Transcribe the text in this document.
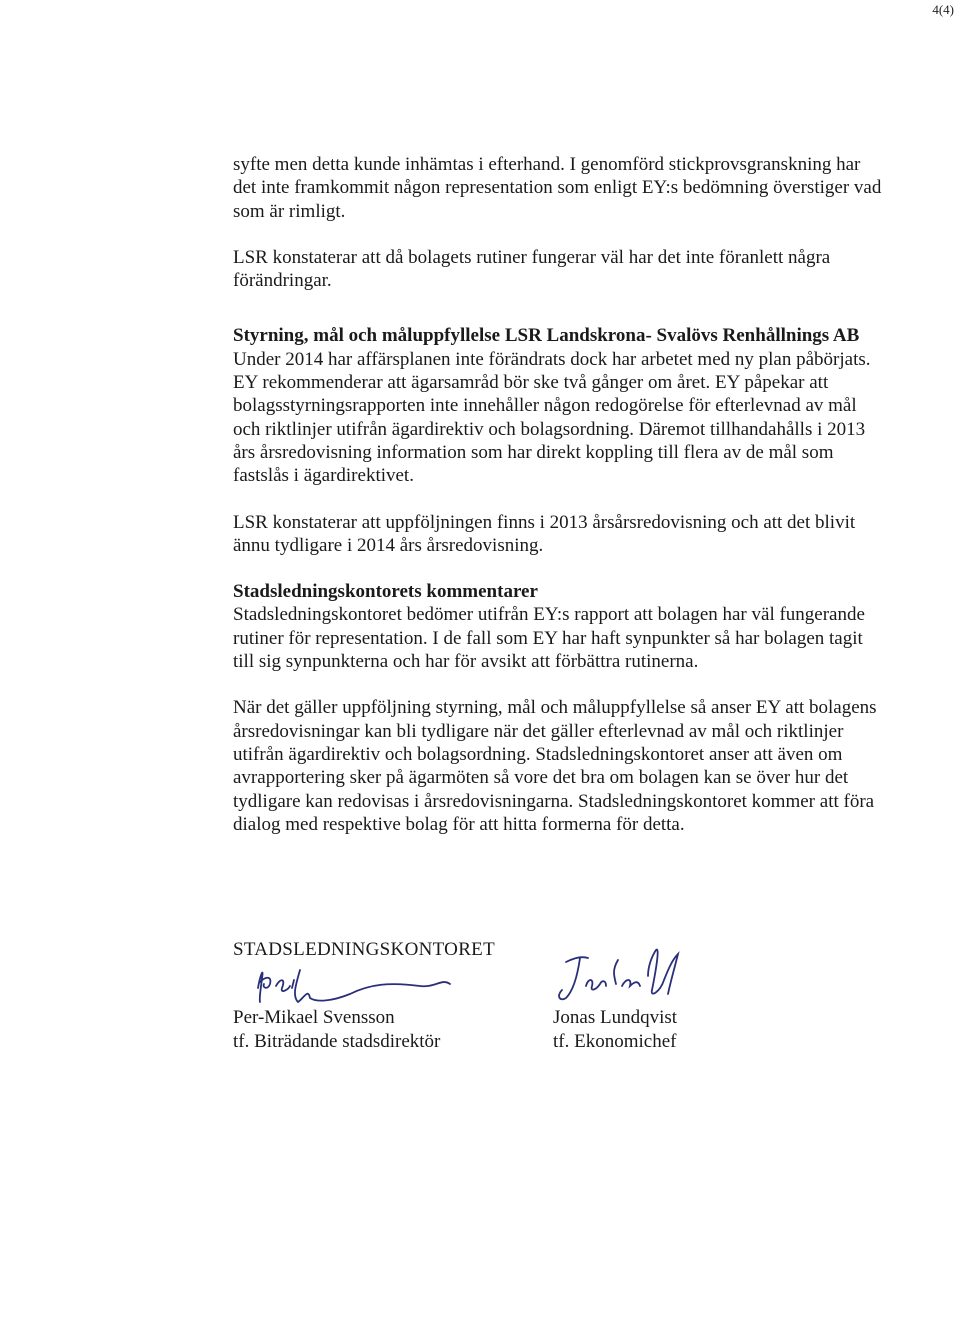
4(4)

syfte men detta kunde inhämtas i efterhand. I genomförd stickprovsgranskning har det inte framkommit någon representation som enligt EY:s bedömning överstiger vad som är rimligt.

LSR konstaterar att då bolagets rutiner fungerar väl har det inte föranlett några förändringar.

Styrning, mål och måluppfyllelse LSR Landskrona- Svalövs Renhållnings AB

Under 2014 har affärsplanen inte förändrats dock har arbetet med ny plan påbörjats. EY rekommenderar att ägarsamråd bör ske två gånger om året. EY påpekar att bolagsstyrningsrapporten inte innehåller någon redogörelse för efterlevnad av mål och riktlinjer utifrån ägardirektiv och bolagsordning. Däremot tillhandahålls i 2013 års årsredovisning information som har direkt koppling till flera av de mål som fastslås i ägardirektivet.

LSR konstaterar att uppföljningen finns i 2013 årsårsredovisning och att det blivit ännu tydligare i 2014 års årsredovisning.

Stadsledningskontorets kommentarer

Stadsledningskontoret bedömer utifrån EY:s rapport att bolagen har väl fungerande rutiner för representation. I de fall som EY har haft synpunkter så har bolagen tagit till sig synpunkterna och har för avsikt att förbättra rutinerna.

När det gäller uppföljning styrning, mål och måluppfyllelse så anser EY att bolagens årsredovisningar kan bli tydligare när det gäller efterlevnad av mål och riktlinjer utifrån ägardirektiv och bolagsordning. Stadsledningskontoret anser att även om avrapportering sker på ägarmöten så vore det bra om bolagen kan se över hur det tydligare kan redovisas i årsredovisningarna. Stadsledningskontoret kommer att föra dialog med respektive bolag för att hitta formerna för detta.

STADSLEDNINGSKONTORET
Per-Mikael Svensson
tf. Biträdande stadsdirektör
Jonas Lundqvist
tf. Ekonomichef
